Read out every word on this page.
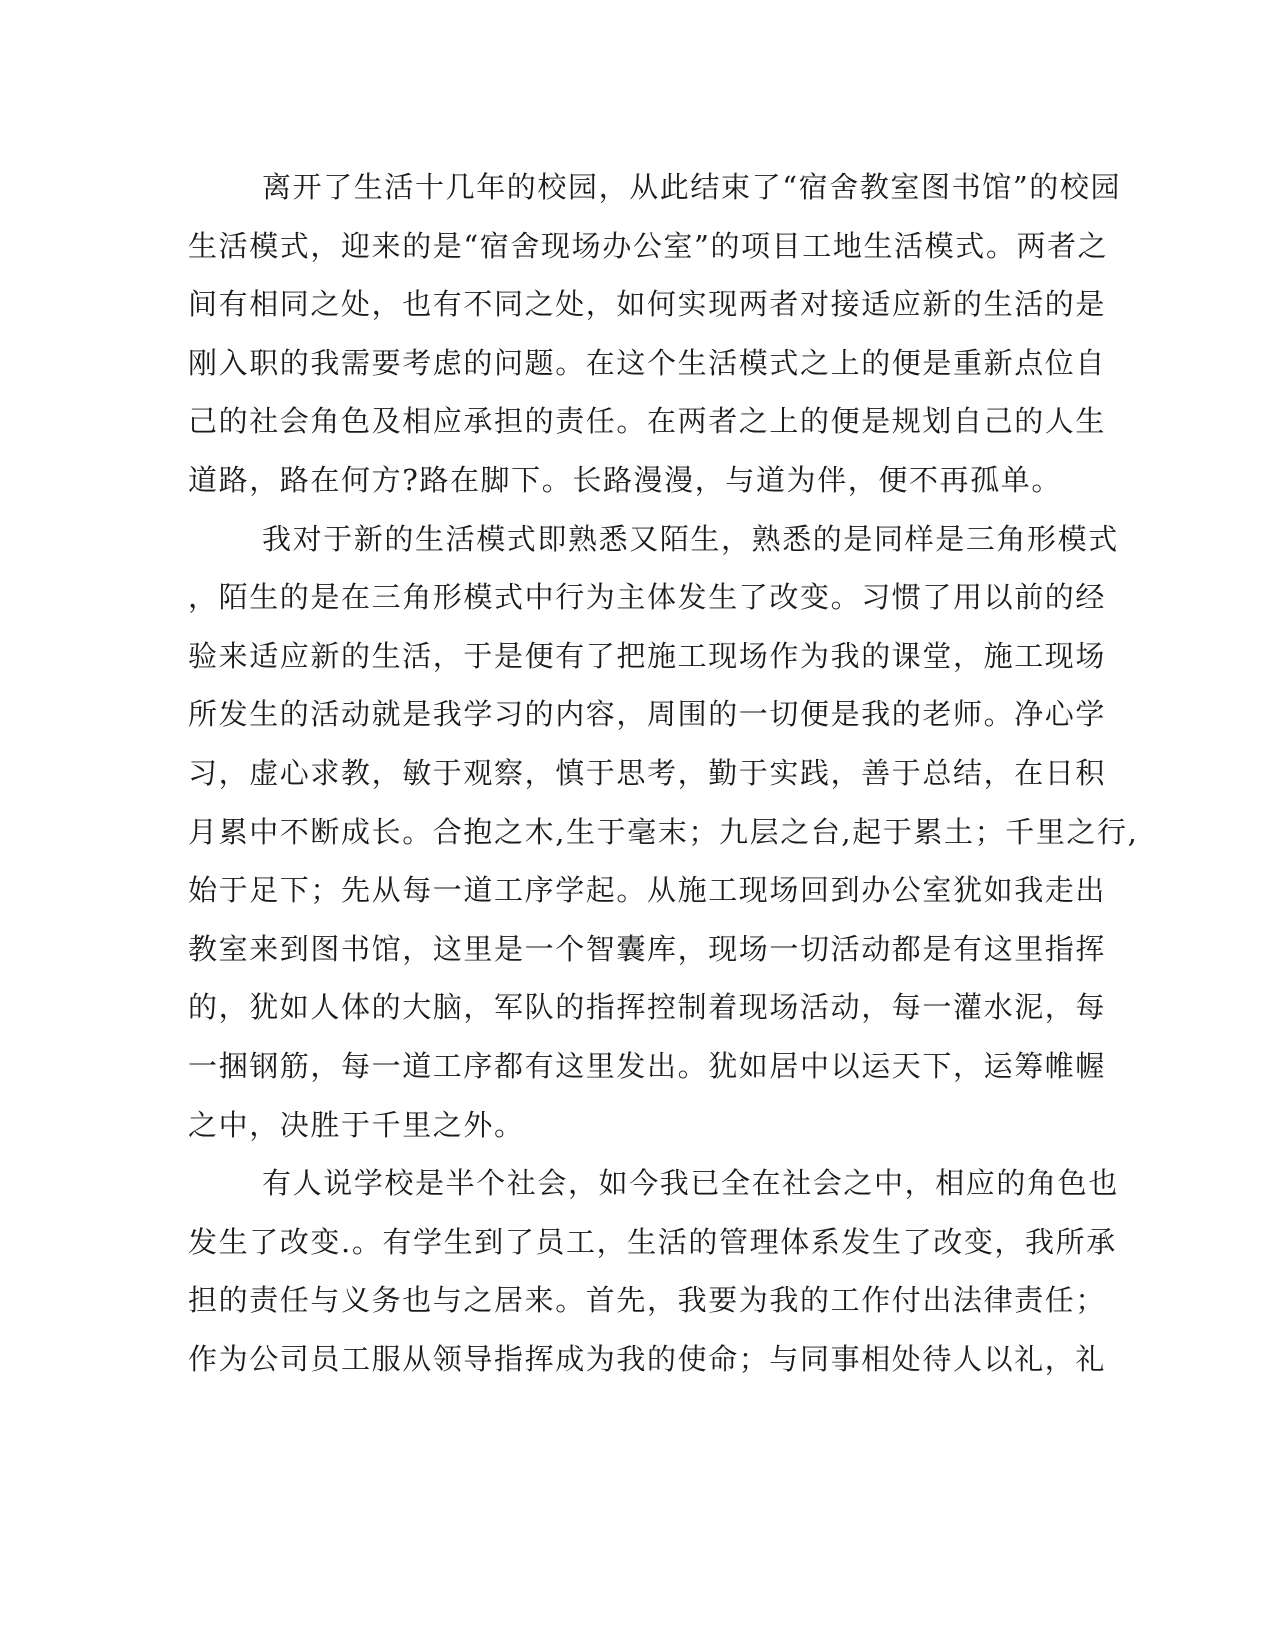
离开了生活十几年的校园，从此结束了“宿舍教室图书馆”的校园
生活模式，迎来的是“宿舍现场办公室”的项目工地生活模式。两者之
间有相同之处，也有不同之处，如何实现两者对接适应新的生活的是
刚入职的我需要考虑的问题。在这个生活模式之上的便是重新点位自
己的社会角色及相应承担的责任。在两者之上的便是规划自己的人生
道路，路在何方?路在脚下。长路漫漫，与道为伴，便不再孤单。
我对于新的生活模式即熟悉又陌生，熟悉的是同样是三角形模式
，陌生的是在三角形模式中行为主体发生了改变。习惯了用以前的经
验来适应新的生活，于是便有了把施工现场作为我的课堂，施工现场
所发生的活动就是我学习的内容，周围的一切便是我的老师。净心学
习，虚心求教，敏于观察，慎于思考，勤于实践，善于总结，在日积
月累中不断成长。合抱之木,生于毫末；九层之台,起于累土；千里之行,
始于足下；先从每一道工序学起。从施工现场回到办公室犹如我走出
教室来到图书馆，这里是一个智囊库，现场一切活动都是有这里指挥
的，犹如人体的大脑，军队的指挥控制着现场活动，每一灌水泥，每
一捆钢筋，每一道工序都有这里发出。犹如居中以运天下，运筹帷幄
之中，决胜于千里之外。
有人说学校是半个社会，如今我已全在社会之中，相应的角色也
发生了改变.。有学生到了员工，生活的管理体系发生了改变，我所承
担的责任与义务也与之居来。首先，我要为我的工作付出法律责任；
作为公司员工服从领导指挥成为我的使命；与同事相处待人以礼，礼
